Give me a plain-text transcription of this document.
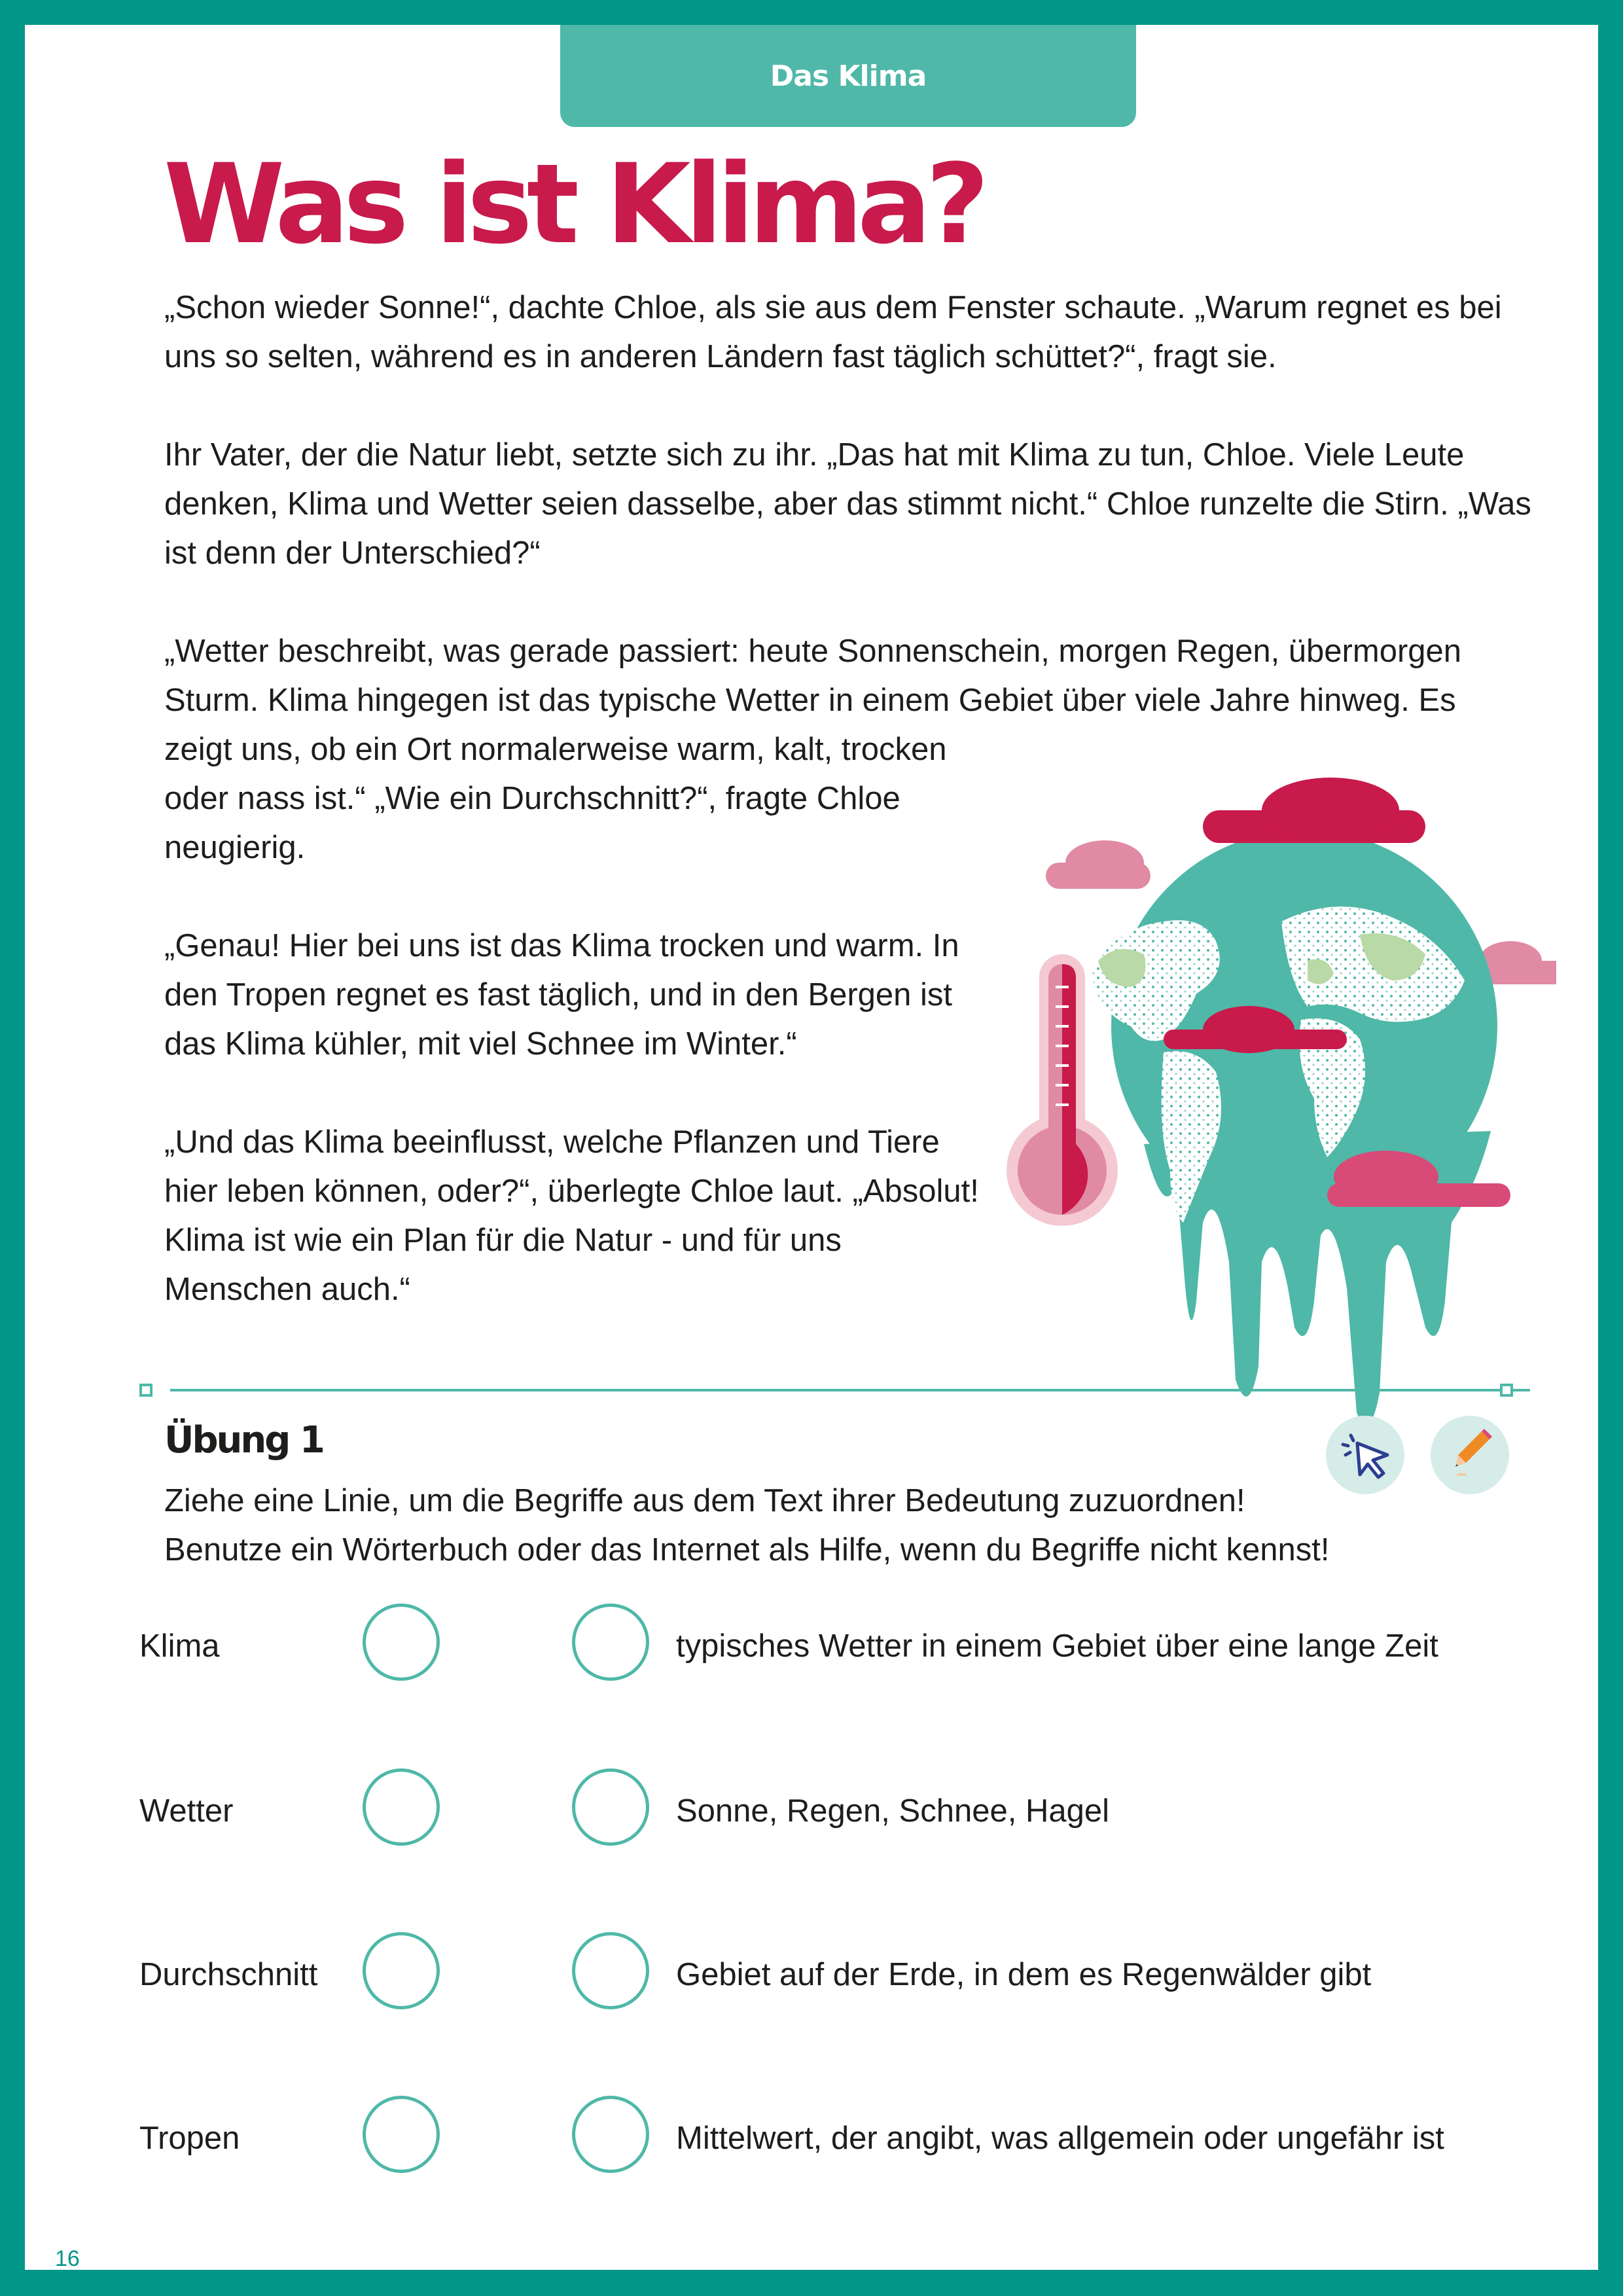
Das Klima
Was ist Klima?

„Schon wieder Sonne!“, dachte Chloe, als sie aus dem Fenster schaute. „Warum regnet es bei uns so selten, während es in anderen Ländern fast täglich schüttet?“, fragt sie.

Ihr Vater, der die Natur liebt, setzte sich zu ihr. „Das hat mit Klima zu tun, Chloe. Viele Leute denken, Klima und Wetter seien dasselbe, aber das stimmt nicht.“ Chloe runzelte die Stirn. „Was ist denn der Unterschied?“

„Wetter beschreibt, was gerade passiert: heute Sonnenschein, morgen Regen, übermorgen Sturm. Klima hingegen ist das typische Wetter in einem Gebiet über viele Jahre hinweg. Es

zeigt uns, ob ein Ort normalerweise warm, kalt, trocken oder nass ist.“ „Wie ein Durchschnitt?“, fragte Chloe neugierig.

„Genau! Hier bei uns ist das Klima trocken und warm. In den Tropen regnet es fast täglich, und in den Bergen ist das Klima kühler, mit viel Schnee im Winter.“

„Und das Klima beeinflusst, welche Pflanzen und Tiere hier leben können, oder?“, überlegte Chloe laut. „Absolut! Klima ist wie ein Plan für die Natur - und für uns Menschen auch.“

Übung 1
Ziehe eine Linie, um die Begriffe aus dem Text ihrer Bedeutung zuzuordnen!
Benutze ein Wörterbuch oder das Internet als Hilfe, wenn du Begriffe nicht kennst!
Klima	typisches Wetter in einem Gebiet über eine lange Zeit
Wetter	Sonne, Regen, Schnee, Hagel
Durchschnitt	Gebiet auf der Erde, in dem es Regenwälder gibt
Tropen	Mittelwert, der angibt, was allgemein oder ungefähr ist
16
